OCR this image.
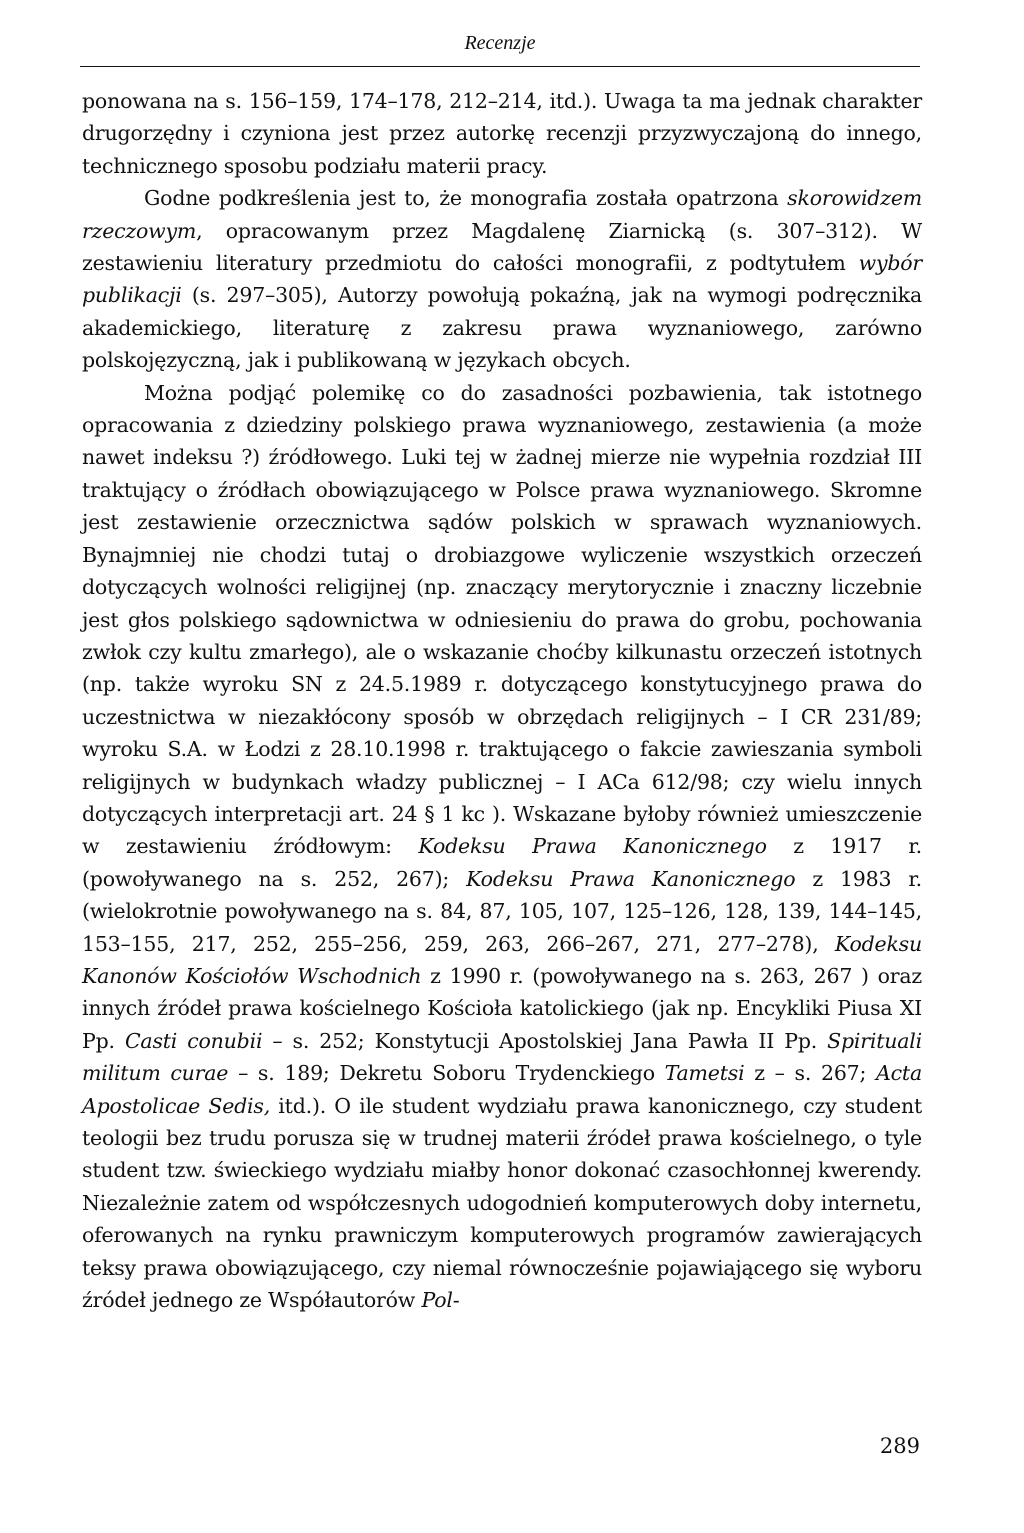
Recenzje

ponowana na s. 156–159, 174–178, 212–214, itd.). Uwaga ta ma jednak charakter drugorzędny i czyniona jest przez autorkę recenzji przyzwyczajoną do innego, technicznego sposobu podziału materii pracy.

Godne podkreślenia jest to, że monografia została opatrzona skorowidzem rzeczowym, opracowanym przez Magdalenę Ziarnicką (s. 307–312). W zestawieniu literatury przedmiotu do całości monografii, z podtytułem wybór publikacji (s. 297–305), Autorzy powołują pokaźną, jak na wymogi podręcznika akademickiego, literaturę z zakresu prawa wyznaniowego, zarówno polskojęzyczną, jak i publikowaną w językach obcych.

Można podjąć polemikę co do zasadności pozbawienia, tak istotnego opracowania z dziedziny polskiego prawa wyznaniowego, zestawienia (a może nawet indeksu ?) źródłowego. Luki tej w żadnej mierze nie wypełnia rozdział III traktujący o źródłach obowiązującego w Polsce prawa wyznaniowego. Skromne jest zestawienie orzecznictwa sądów polskich w sprawach wyznaniowych. Bynajmniej nie chodzi tutaj o drobiazgowe wyliczenie wszystkich orzeczeń dotyczących wolności religijnej (np. znaczący merytorycznie i znaczny liczebnie jest głos polskiego sądownictwa w odniesieniu do prawa do grobu, pochowania zwłok czy kultu zmarłego), ale o wskazanie choćby kilkunastu orzeczeń istotnych (np. także wyroku SN z 24.5.1989 r. dotyczącego konstytucyjnego prawa do uczestnictwa w niezakłócony sposób w obrzędach religijnych – I CR 231/89; wyroku S.A. w Łodzi z 28.10.1998 r. traktującego o fakcie zawieszania symboli religijnych w budynkach władzy publicznej – I ACa 612/98; czy wielu innych dotyczących interpretacji art. 24 § 1 kc ). Wskazane byłoby również umieszczenie w zestawieniu źródłowym: Kodeksu Prawa Kanonicznego z 1917 r. (powoływanego na s. 252, 267); Kodeksu Prawa Kanonicznego z 1983 r. (wielokrotnie powoływanego na s. 84, 87, 105, 107, 125–126, 128, 139, 144–145, 153–155, 217, 252, 255–256, 259, 263, 266–267, 271, 277–278), Kodeksu Kanonów Kościołów Wschodnich z 1990 r. (powoływanego na s. 263, 267 ) oraz innych źródeł prawa kościelnego Kościoła katolickiego (jak np. Encykliki Piusa XI Pp. Casti conubii – s. 252; Konstytucji Apostolskiej Jana Pawła II Pp. Spirituali militum curae – s. 189; Dekretu Soboru Trydenckiego Tametsi z – s. 267; Acta Apostolicae Sedis, itd.). O ile student wydziału prawa kanonicznego, czy student teologii bez trudu porusza się w trudnej materii źródeł prawa kościelnego, o tyle student tzw. świeckiego wydziału miałby honor dokonać czasochłonnej kwerendy. Niezależnie zatem od współczesnych udogodnień komputerowych doby internetu, oferowanych na rynku prawniczym komputerowych programów zawierających teksy prawa obowiązującego, czy niemal równocześnie pojawiającego się wyboru źródeł jednego ze Współautorów Pol-

289
